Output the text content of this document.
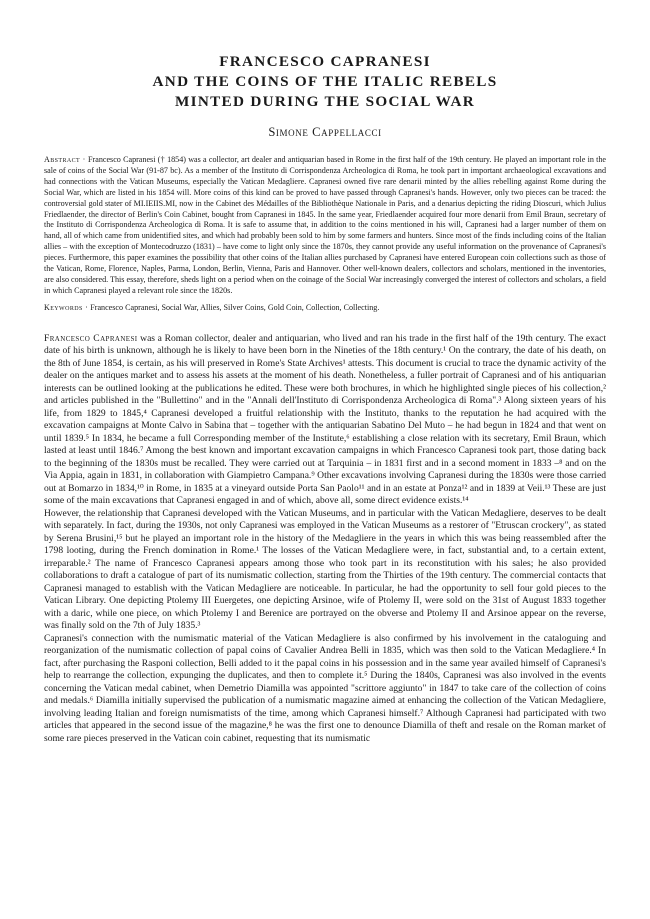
FRANCESCO CAPRANESI
AND THE COINS OF THE ITALIC REBELS
MINTED DURING THE SOCIAL WAR
Simone Cappellacci

Abstract · Francesco Capranesi († 1854) was a collector, art dealer and antiquarian based in Rome in the first half of the 19th century. He played an important role in the sale of coins of the Social War (91-87 bc). As a member of the Instituto di Corrispondenza Archeologica di Roma, he took part in important archaeological excavations and had connections with the Vatican Museums, especially the Vatican Medagliere. Capranesi owned five rare denarii minted by the allies rebelling against Rome during the Social War, which are listed in his 1854 will. More coins of this kind can be proved to have passed through Capranesi's hands. However, only two pieces can be traced: the controversial gold stater of MI.IEIIS.MI, now in the Cabinet des Médailles of the Bibliothèque Nationale in Paris, and a denarius depicting the riding Dioscuri, which Julius Friedlaender, the director of Berlin's Coin Cabinet, bought from Capranesi in 1845. In the same year, Friedlaender acquired four more denarii from Emil Braun, secretary of the Instituto di Corrispondenza Archeologica di Roma. It is safe to assume that, in addition to the coins mentioned in his will, Capranesi had a larger number of them on hand, all of which came from unidentified sites, and which had probably been sold to him by some farmers and hunters. Since most of the finds including coins of the Italian allies – with the exception of Montecodruzzo (1831) – have come to light only since the 1870s, they cannot provide any useful information on the provenance of Capranesi's pieces. Furthermore, this paper examines the possibility that other coins of the Italian allies purchased by Capranesi have entered European coin collections such as those of the Vatican, Rome, Florence, Naples, Parma, London, Berlin, Vienna, Paris and Hannover. Other well-known dealers, collectors and scholars, mentioned in the inventories, are also considered. This essay, therefore, sheds light on a period when on the coinage of the Social War increasingly converged the interest of collectors and scholars, a field in which Capranesi played a relevant role since the 1820s.

Keywords · Francesco Capranesi, Social War, Allies, Silver Coins, Gold Coin, Collection, Collecting.

Francesco Capranesi was a Roman collector, dealer and antiquarian, who lived and ran his trade in the first half of the 19th century. The exact date of his birth is unknown, although he is likely to have been born in the Nineties of the 18th century.¹ On the contrary, the date of his death, on the 8th of June 1854, is certain, as his will preserved in Rome's State Archives¹ attests. This document is crucial to trace the dynamic activity of the dealer on the antiques market and to assess his assets at the moment of his death. Nonetheless, a fuller portrait of Capranesi and of his antiquarian interests can be outlined looking at the publications he edited. These were both brochures, in which he highlighted single pieces of his collection,² and articles published in the "Bullettino" and in the "Annali dell'Instituto di Corrispondenza Archeologica di Roma".³ Along sixteen years of his life, from 1829 to 1845,⁴ Capranesi developed a fruitful relationship with the Instituto, thanks to the reputation he had acquired with the excavation campaigns at Monte Calvo in Sabina that – together with the antiquarian Sabatino Del Muto – he had begun in 1824 and that went on until 1839.⁵ In 1834, he became a full Corresponding member of the Institute,⁶ establishing a close relation with its secretary, Emil Braun, which lasted at least until 1846.⁷ Among the best known and important excavation campaigns in which Francesco Capranesi took part, those dating back to the beginning of the 1830s must be recalled. They were carried out at Tarquinia – in 1831 first and in a second moment in 1833 –⁸ and on the Via Appia, again in 1831, in collaboration with Giampietro Campana.⁹ Other excavations involving Capranesi during the 1830s were those carried out at Bomarzo in 1834,¹⁰ in Rome, in 1835 at a vineyard outside Porta San Paolo¹¹ and in an estate at Ponza¹² and in 1839 at Veii.¹³ These are just some of the main excavations that Capranesi engaged in and of which, above all, some direct evidence exists.¹⁴

However, the relationship that Capranesi developed with the Vatican Museums, and in particular with the Vatican Medagliere, deserves to be dealt with separately. In fact, during the 1930s, not only Capranesi was employed in the Vatican Museums as a restorer of "Etruscan crockery", as stated by Serena Brusini,¹⁵ but he played an important role in the history of the Medagliere in the years in which this was being reassembled after the 1798 looting, during the French domination in Rome.¹ The losses of the Vatican Medagliere were, in fact, substantial and, to a certain extent, irreparable.² The name of Francesco Capranesi appears among those who took part in its reconstitution with his sales; he also provided collaborations to draft a catalogue of part of its numismatic collection, starting from the Thirties of the 19th century. The commercial contacts that Capranesi managed to establish with the Vatican Medagliere are noticeable. In particular, he had the opportunity to sell four gold pieces to the Vatican Library. One depicting Ptolemy III Euergetes, one depicting Arsinoe, wife of Ptolemy II, were sold on the 31st of August 1833 together with a daric, while one piece, on which Ptolemy I and Berenice are portrayed on the obverse and Ptolemy II and Arsinoe appear on the reverse, was finally sold on the 7th of July 1835.³

Capranesi's connection with the numismatic material of the Vatican Medagliere is also confirmed by his involvement in the cataloguing and reorganization of the numismatic collection of papal coins of Cavalier Andrea Belli in 1835, which was then sold to the Vatican Medagliere.⁴ In fact, after purchasing the Rasponi collection, Belli added to it the papal coins in his possession and in the same year availed himself of Capranesi's help to rearrange the collection, expunging the duplicates, and then to complete it.⁵ During the 1840s, Capranesi was also involved in the events concerning the Vatican medal cabinet, when Demetrio Diamilla was appointed "scrittore aggiunto" in 1847 to take care of the collection of coins and medals.⁶ Diamilla initially supervised the publication of a numismatic magazine aimed at enhancing the collection of the Vatican Medagliere, involving leading Italian and foreign numismatists of the time, among which Capranesi himself.⁷ Although Capranesi had participated with two articles that appeared in the second issue of the magazine,⁸ he was the first one to denounce Diamilla of theft and resale on the Roman market of some rare pieces preserved in the Vatican coin cabinet, requesting that its numismatic
